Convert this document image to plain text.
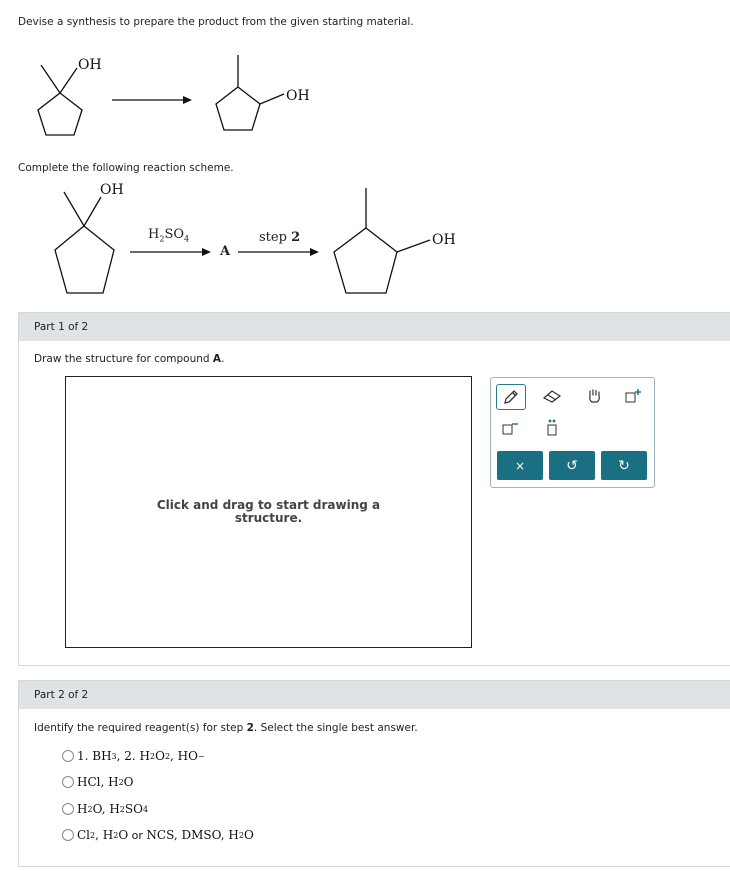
Devise a synthesis to prepare the product from the given starting material.
OH
OH
Complete the following reaction scheme.
OH
$H_2SO_4$
A
step 2	OH
Part 1 of 2
Draw the structure for compound A.
Click and drag to start drawing a
structure.
×	↺	↻
Part 2 of 2
Identify the required reagent(s) for step 2. Select the single best answer.
1. BH 3 , 2. H 2 O 2 , HO −
HCl, H 2 O
H 2 O, H 2 SO 4
Cl 2 , H 2 O or NCS, DMSO, H 2 O
